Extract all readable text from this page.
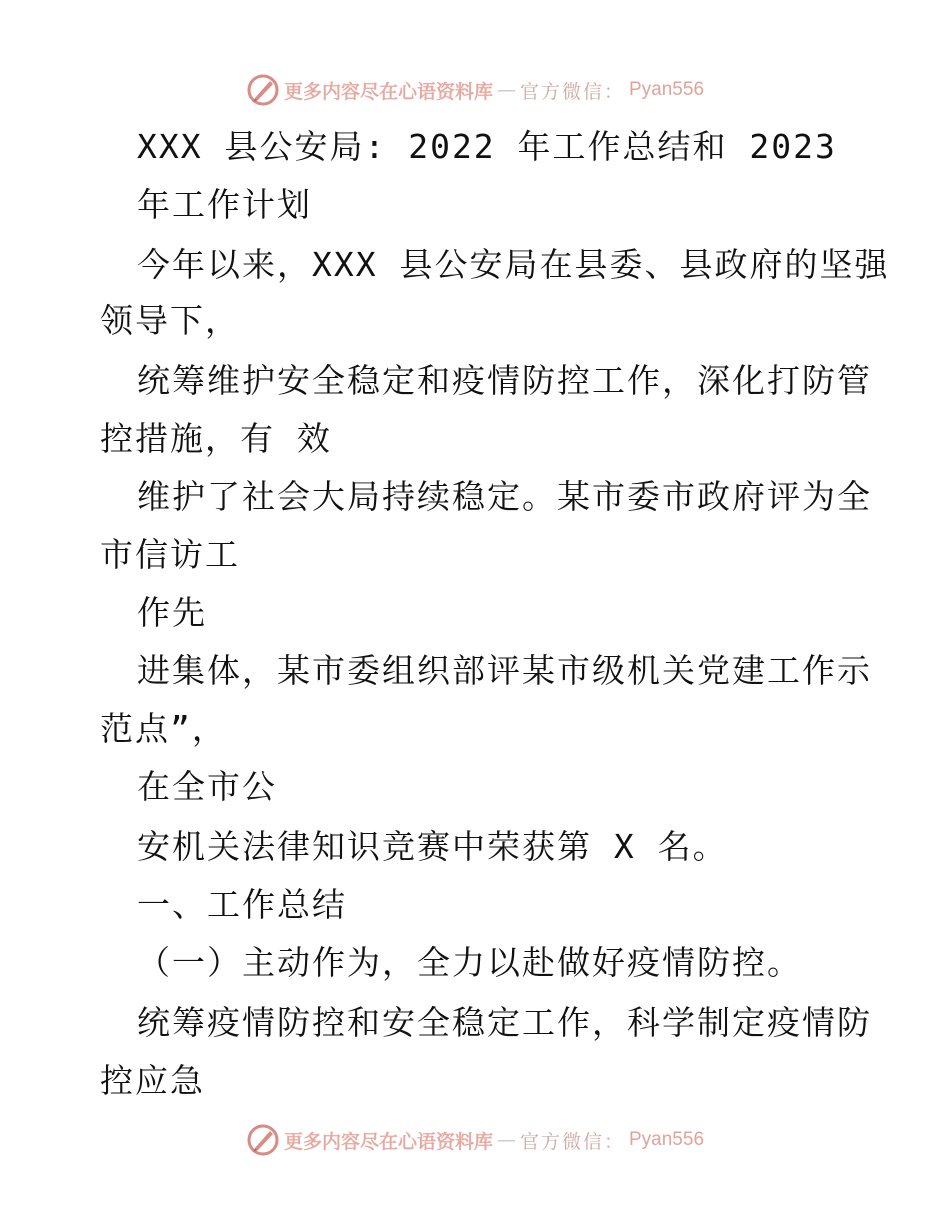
更多内容尽在心语资料库 — 官方微信： Pyan556
XXX 县公安局: 2022 年工作总结和 2023
年工作计划
今年以来，XXX 县公安局在县委、县政府的坚强
领导下，
统筹维护安全稳定和疫情防控工作，深化打防管
控措施，有 效
维护了社会大局持续稳定。某市委市政府评为全
市信访工
作先
进集体，某市委组织部评某市级机关党建工作示
范点”，
在全市公
安机关法律知识竞赛中荣获第 X 名。
一、工作总结
（一）主动作为，全力以赴做好疫情防控。
统筹疫情防控和安全稳定工作，科学制定疫情防
控应急
更多内容尽在心语资料库 — 官方微信： Pyan556
